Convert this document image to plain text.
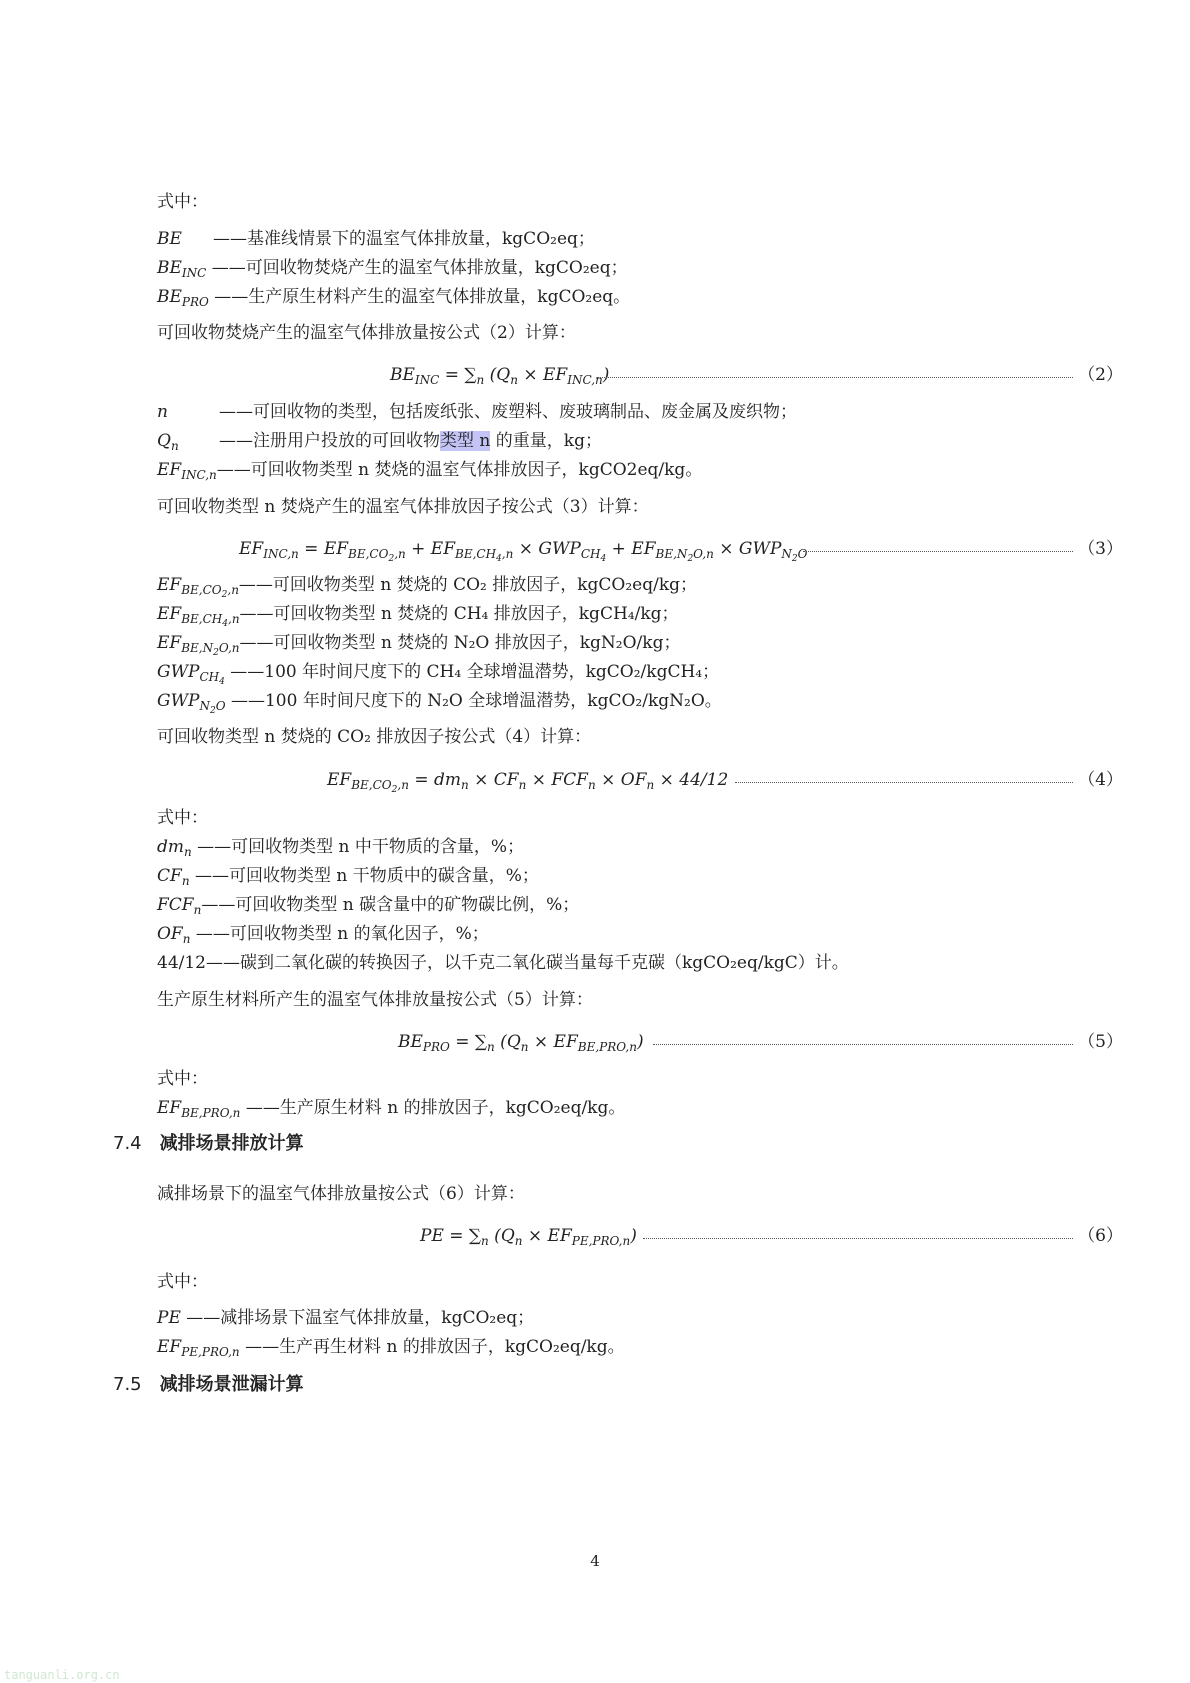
式中：
BE ——基准线情景下的温室气体排放量，kgCO₂eq；
$BE_{INC}$ ——可回收物焚烧产生的温室气体排放量，kgCO₂eq；
$BE_{PRO}$ ——生产原生材料产生的温室气体排放量，kgCO₂eq。
可回收物焚烧产生的温室气体排放量按公式（2）计算：
$BE_{INC} = \sum_n$ $(Q_n \times EF_{INC,n})$	（2）
n	——可回收物的类型，包括废纸张、废塑料、废玻璃制品、废金属及废织物；
$Q_n$ ——注册用户投放的可回收物类型 n 的重量，kg；
$EF_{INC,n}——$可回收物类型 n 焚烧的温室气体排放因子，kgCO2eq/kg。
可回收物类型 n 焚烧产生的温室气体排放因子按公式（3）计算：
$EF_{INC,n} = EF_{BE,CO_2,n} + EF_{BE,CH_4,n} \times GWP_{CH_4} + EF_{BE,N_2O,n} \times GWP_{N_2O}$	（3）
$EF_{BE,CO_2,n}——$可回收物类型 n 焚烧的 CO₂ 排放因子，kgCO₂eq/kg；
$EF_{BE,CH_4,n}——$可回收物类型 n 焚烧的 CH₄ 排放因子，kgCH₄/kg；
$EF_{BE,N_2O,n}——$可回收物类型 n 焚烧的 N₂O 排放因子，kgN₂O/kg；
$GWP_{CH_4}$ ——100 年时间尺度下的 CH₄ 全球增温潜势，kgCO₂/kgCH₄；
$GWP_{N_2O}$ ——100 年时间尺度下的 N₂O 全球增温潜势，kgCO₂/kgN₂O。
可回收物类型 n 焚烧的 CO₂ 排放因子按公式（4）计算：
$EF_{BE,CO_2,n} = dm_n \times CF_n \times FCF_n \times OF_n \times 44/12$	（4）
式中：
$dm_n$ ——可回收物类型 n 中干物质的含量，%；
$CF_n$ ——可回收物类型 n 干物质中的碳含量，%；
$FCF_n——$可回收物类型 n 碳含量中的矿物碳比例，%；
$OF_n$ ——可回收物类型 n 的氧化因子，%；
44/12——碳到二氧化碳的转换因子，以千克二氧化碳当量每千克碳（kgCO₂eq/kgC）计。
生产原生材料所产生的温室气体排放量按公式（5）计算：
$BE_{PRO} = \sum_n$ $(Q_n \times EF_{BE,PRO,n})$	（5）
式中：
$EF_{BE,PRO,n}$ ——生产原生材料 n 的排放因子，kgCO₂eq/kg。
7.4 减排场景排放计算
减排场景下的温室气体排放量按公式（6）计算：
PE = $\sum_n$ $(Q_n \times EF_{PE,PRO,n})$	（6）
式中：
PE ——减排场景下温室气体排放量，kgCO₂eq；
$EF_{PE,PRO,n}$ ——生产再生材料 n 的排放因子，kgCO₂eq/kg。
7.5 减排场景泄漏计算
4
tanguanli.org.cn
